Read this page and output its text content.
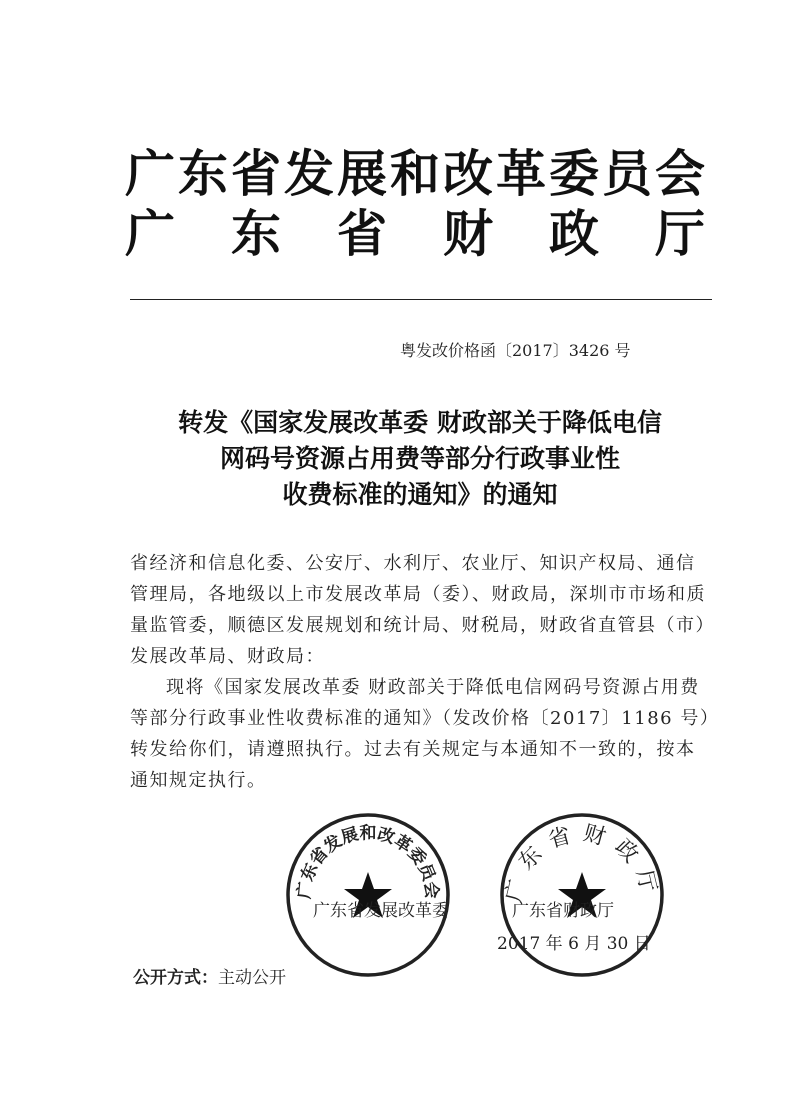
广东省发展和改革委员会
广 东 省 财 政 厅
粤发改价格函〔2017〕3426 号
转发《国家发展改革委 财政部关于降低电信
网码号资源占用费等部分行政事业性
收费标准的通知》的通知

省经济和信息化委、公安厅、水利厅、农业厅、知识产权局、通信管理局，各地级以上市发展改革局（委）、财政局，深圳市市场和质量监管委，顺德区发展规划和统计局、财税局，财政省直管县（市）发展改革局、财政局：

现将《国家发展改革委 财政部关于降低电信网码号资源占用费等部分行政事业性收费标准的通知》（发改价格〔2017〕1186 号）转发给你们，请遵照执行。过去有关规定与本通知不一致的，按本通知规定执行。

广东省发展和改革委员会	广东省财政厅
广东省发展改革委	广东省财政厅
2017 年 6 月 30 日
公开方式：主动公开
